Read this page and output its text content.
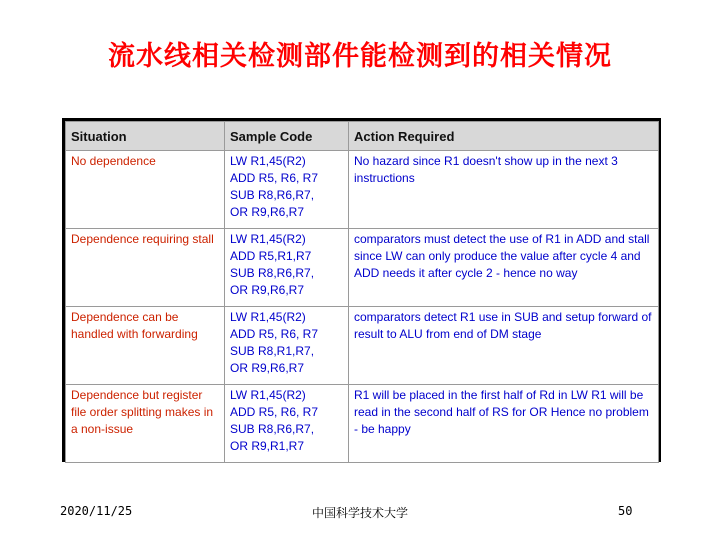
流水线相关检测部件能检测到的相关情况
Situation	Sample Code	Action Required
No dependence	LW R1,45(R2)
ADD R5, R6, R7
SUB R8,R6,R7,
OR R9,R6,R7	No hazard since R1 doesn't show up in the next 3 instructions
Dependence requiring stall	LW R1,45(R2)
ADD R5,R1,R7
SUB R8,R6,R7,
OR R9,R6,R7	comparators must detect the use of R1 in ADD and stall since LW can only produce the value after cycle 4 and ADD needs it after cycle 2 - hence no way
Dependence can be handled with forwarding	LW R1,45(R2)
ADD R5, R6, R7
SUB R8,R1,R7,
OR R9,R6,R7	comparators detect R1 use in SUB and setup forward of result to ALU from end of DM stage
Dependence but register file order splitting makes in a non-issue	LW R1,45(R2)
ADD R5, R6, R7
SUB R8,R6,R7,
OR R9,R1,R7	R1 will be placed in the first half of Rd in LW R1 will be read in the second half of RS for OR Hence no problem - be happy
2020/11/25	中国科学技术大学	50
